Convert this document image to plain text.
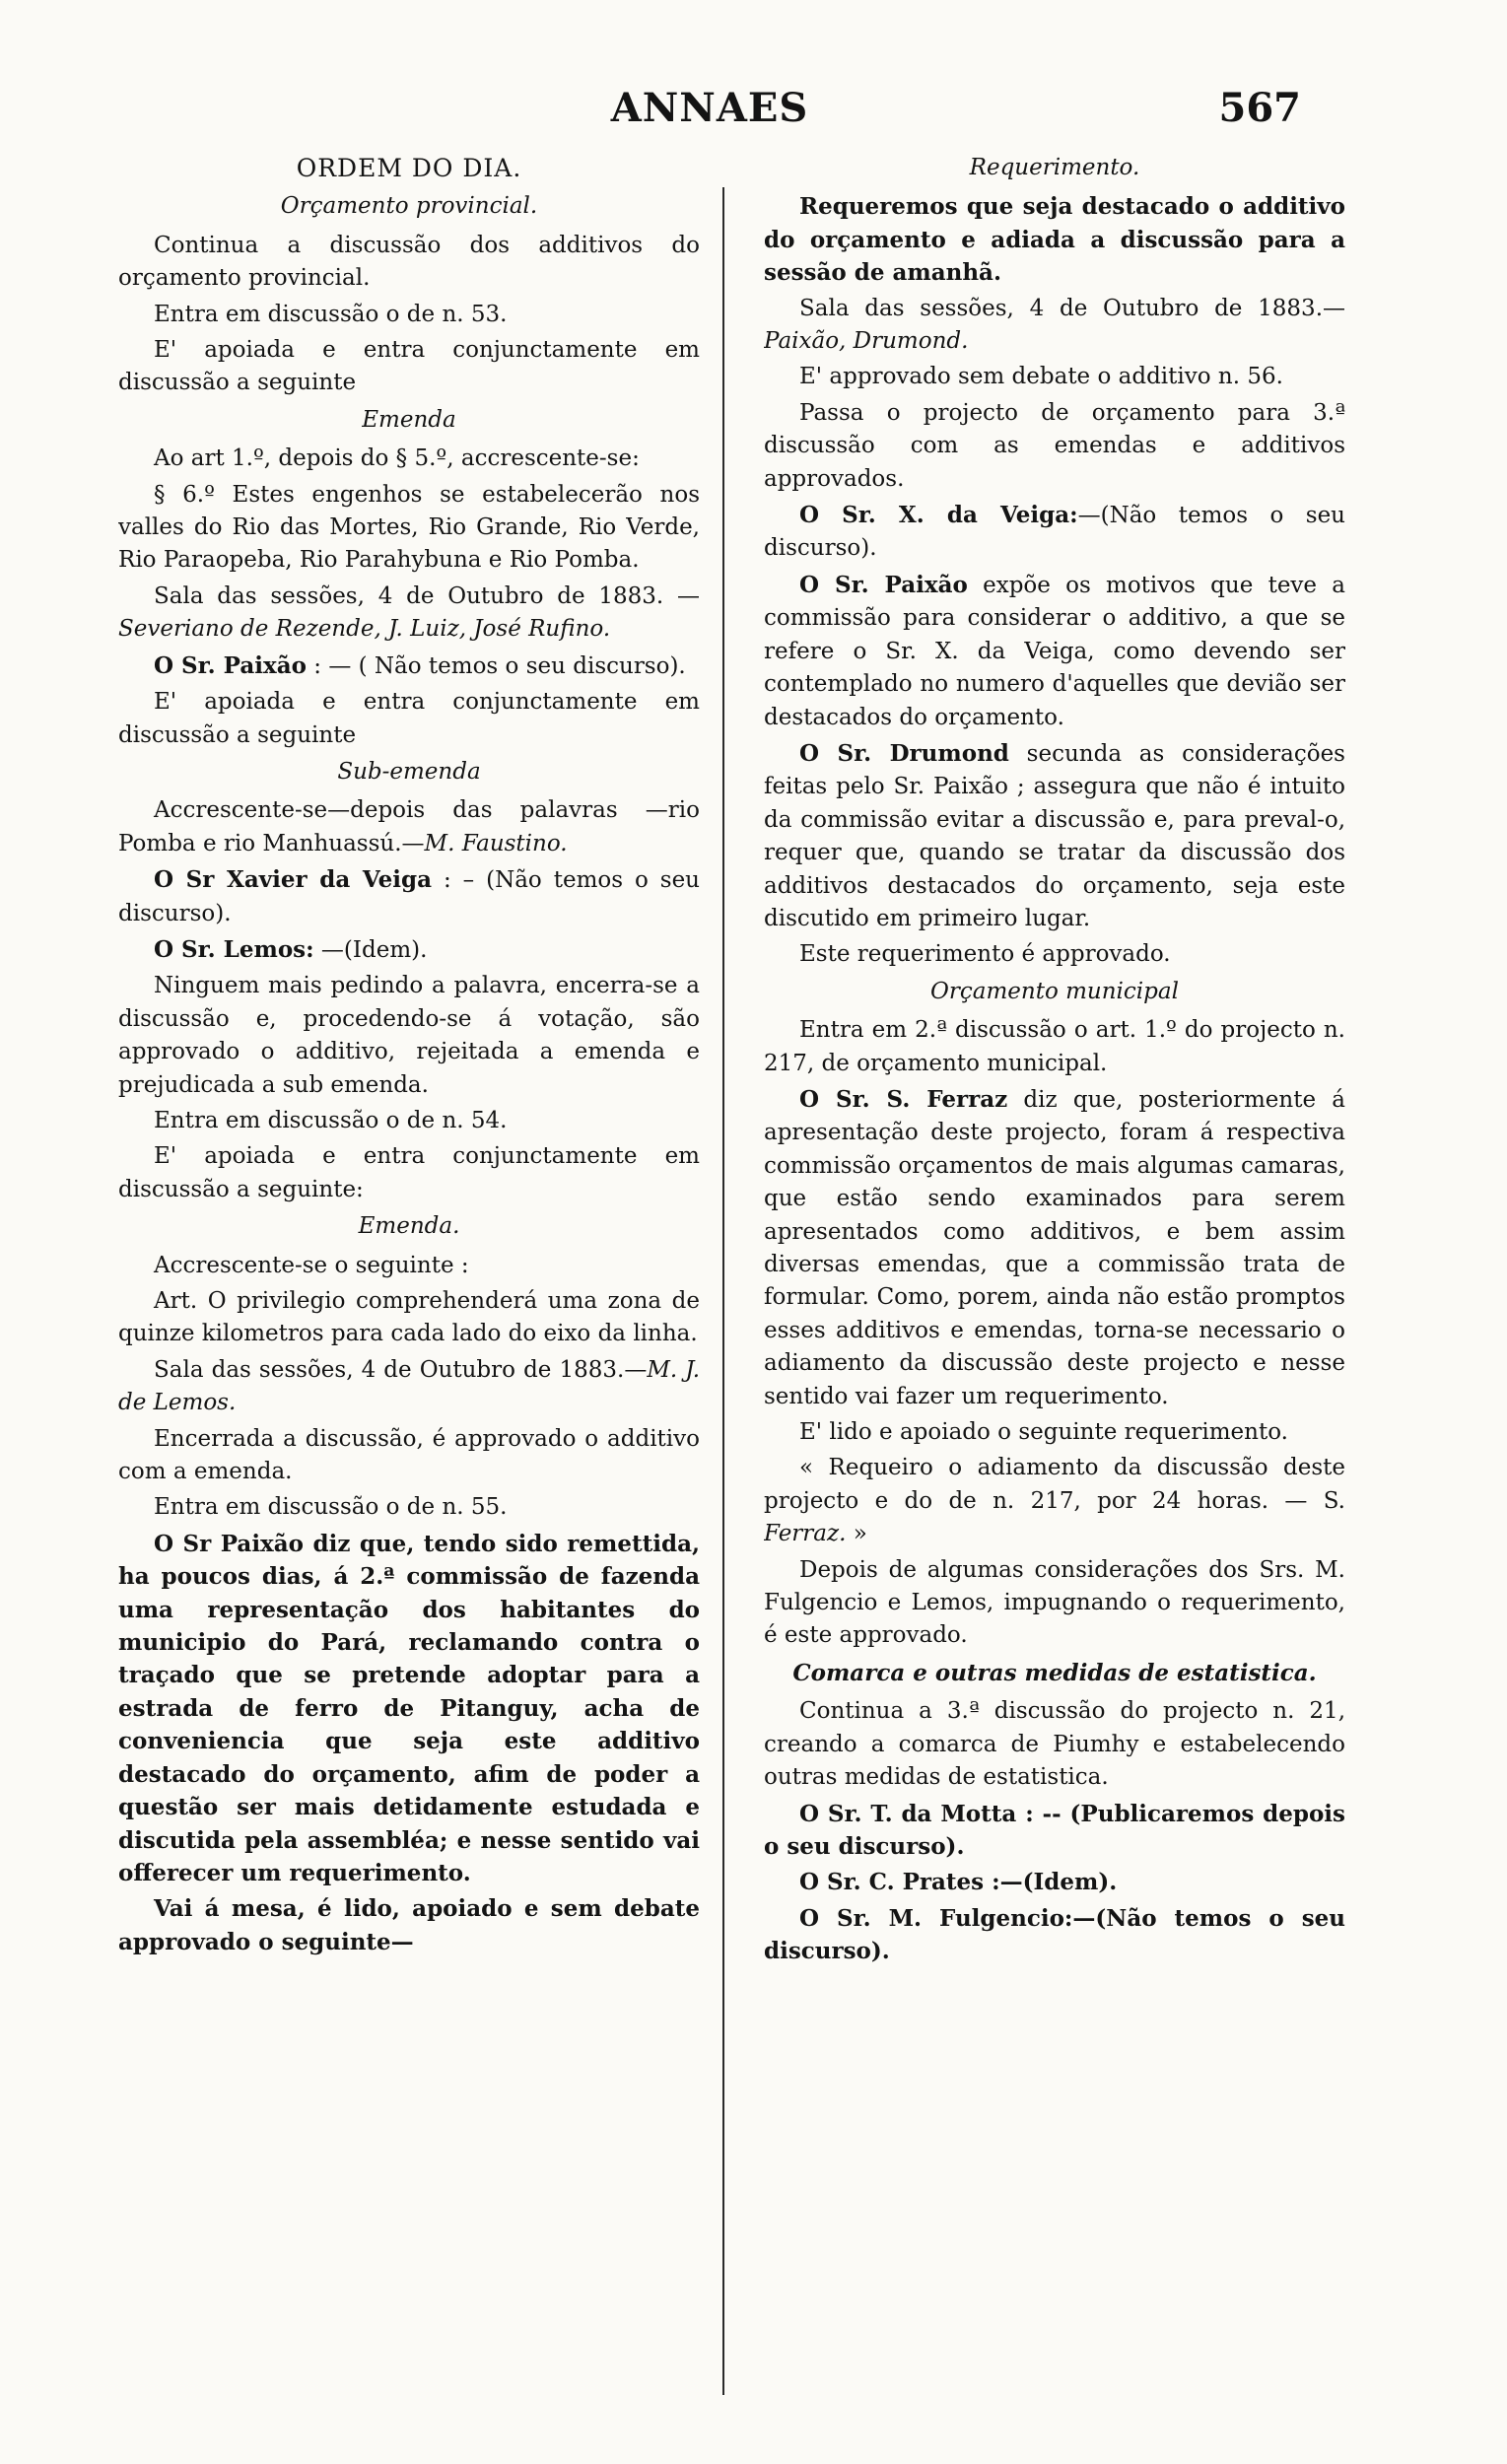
ANNAES	567
ORDEM DO DIA.
Orçamento provincial.

Continua a discussão dos additivos do orçamento provincial.

Entra em discussão o de n. 53.

E' apoiada e entra conjunctamente em discussão a seguinte

Emenda

Ao art 1.º, depois do § 5.º, accrescente-se:

§ 6.º Estes engenhos se estabelecerão nos valles do Rio das Mortes, Rio Grande, Rio Verde, Rio Paraopeba, Rio Parahybuna e Rio Pomba.

Sala das sessões, 4 de Outubro de 1883. — Severiano de Rezende, J. Luiz, José Rufino.

O Sr. Paixão : — ( Não temos o seu discurso).

E' apoiada e entra conjunctamente em discussão a seguinte

Sub-emenda

Accrescente-se—depois das palavras —rio Pomba e rio Manhuassú.—M. Faustino.

O Sr Xavier da Veiga : – (Não temos o seu discurso).

O Sr. Lemos: —(Idem).

Ninguem mais pedindo a palavra, encerra-se a discussão e, procedendo-se á votação, são approvado o additivo, rejeitada a emenda e prejudicada a sub emenda.

Entra em discussão o de n. 54.

E' apoiada e entra conjunctamente em discussão a seguinte:

Emenda.

Accrescente-se o seguinte :

Art. O privilegio comprehenderá uma zona de quinze kilometros para cada lado do eixo da linha.

Sala das sessões, 4 de Outubro de 1883.—M. J. de Lemos.

Encerrada a discussão, é approvado o additivo com a emenda.

Entra em discussão o de n. 55.

O Sr Paixão diz que, tendo sido remettida, ha poucos dias, á 2.ª commissão de fazenda uma representação dos habitantes do municipio do Pará, reclamando contra o traçado que se pretende adoptar para a estrada de ferro de Pitanguy, acha de conveniencia que seja este additivo destacado do orçamento, afim de poder a questão ser mais detidamente estudada e discutida pela assembléa; e nesse sentido vai offerecer um requerimento.

Vai á mesa, é lido, apoiado e sem debate approvado o seguinte—

Requerimento.

Requeremos que seja destacado o additivo do orçamento e adiada a discussão para a sessão de amanhã.

Sala das sessões, 4 de Outubro de 1883.—Paixão, Drumond.

E' approvado sem debate o additivo n. 56.

Passa o projecto de orçamento para 3.ª discussão com as emendas e additivos approvados.

O Sr. X. da Veiga:—(Não temos o seu discurso).

O Sr. Paixão expõe os motivos que teve a commissão para considerar o additivo, a que se refere o Sr. X. da Veiga, como devendo ser contemplado no numero d'aquelles que devião ser destacados do orçamento.

O Sr. Drumond secunda as considerações feitas pelo Sr. Paixão ; assegura que não é intuito da commissão evitar a discussão e, para preval-o, requer que, quando se tratar da discussão dos additivos destacados do orçamento, seja este discutido em primeiro lugar.

Este requerimento é approvado.

Orçamento municipal

Entra em 2.ª discussão o art. 1.º do projecto n. 217, de orçamento municipal.

O Sr. S. Ferraz diz que, posteriormente á apresentação deste projecto, foram á respectiva commissão orçamentos de mais algumas camaras, que estão sendo examinados para serem apresentados como additivos, e bem assim diversas emendas, que a commissão trata de formular. Como, porem, ainda não estão promptos esses additivos e emendas, torna-se necessario o adiamento da discussão deste projecto e nesse sentido vai fazer um requerimento.

E' lido e apoiado o seguinte requerimento.

« Requeiro o adiamento da discussão deste projecto e do de n. 217, por 24 horas. — S. Ferraz. »

Depois de algumas considerações dos Srs. M. Fulgencio e Lemos, impugnando o requerimento, é este approvado.

Comarca e outras medidas de estatistica.

Continua a 3.ª discussão do projecto n. 21, creando a comarca de Piumhy e estabelecendo outras medidas de estatistica.

O Sr. T. da Motta : -- (Publicaremos depois o seu discurso).

O Sr. C. Prates :—(Idem).

O Sr. M. Fulgencio:—(Não temos o seu discurso).
